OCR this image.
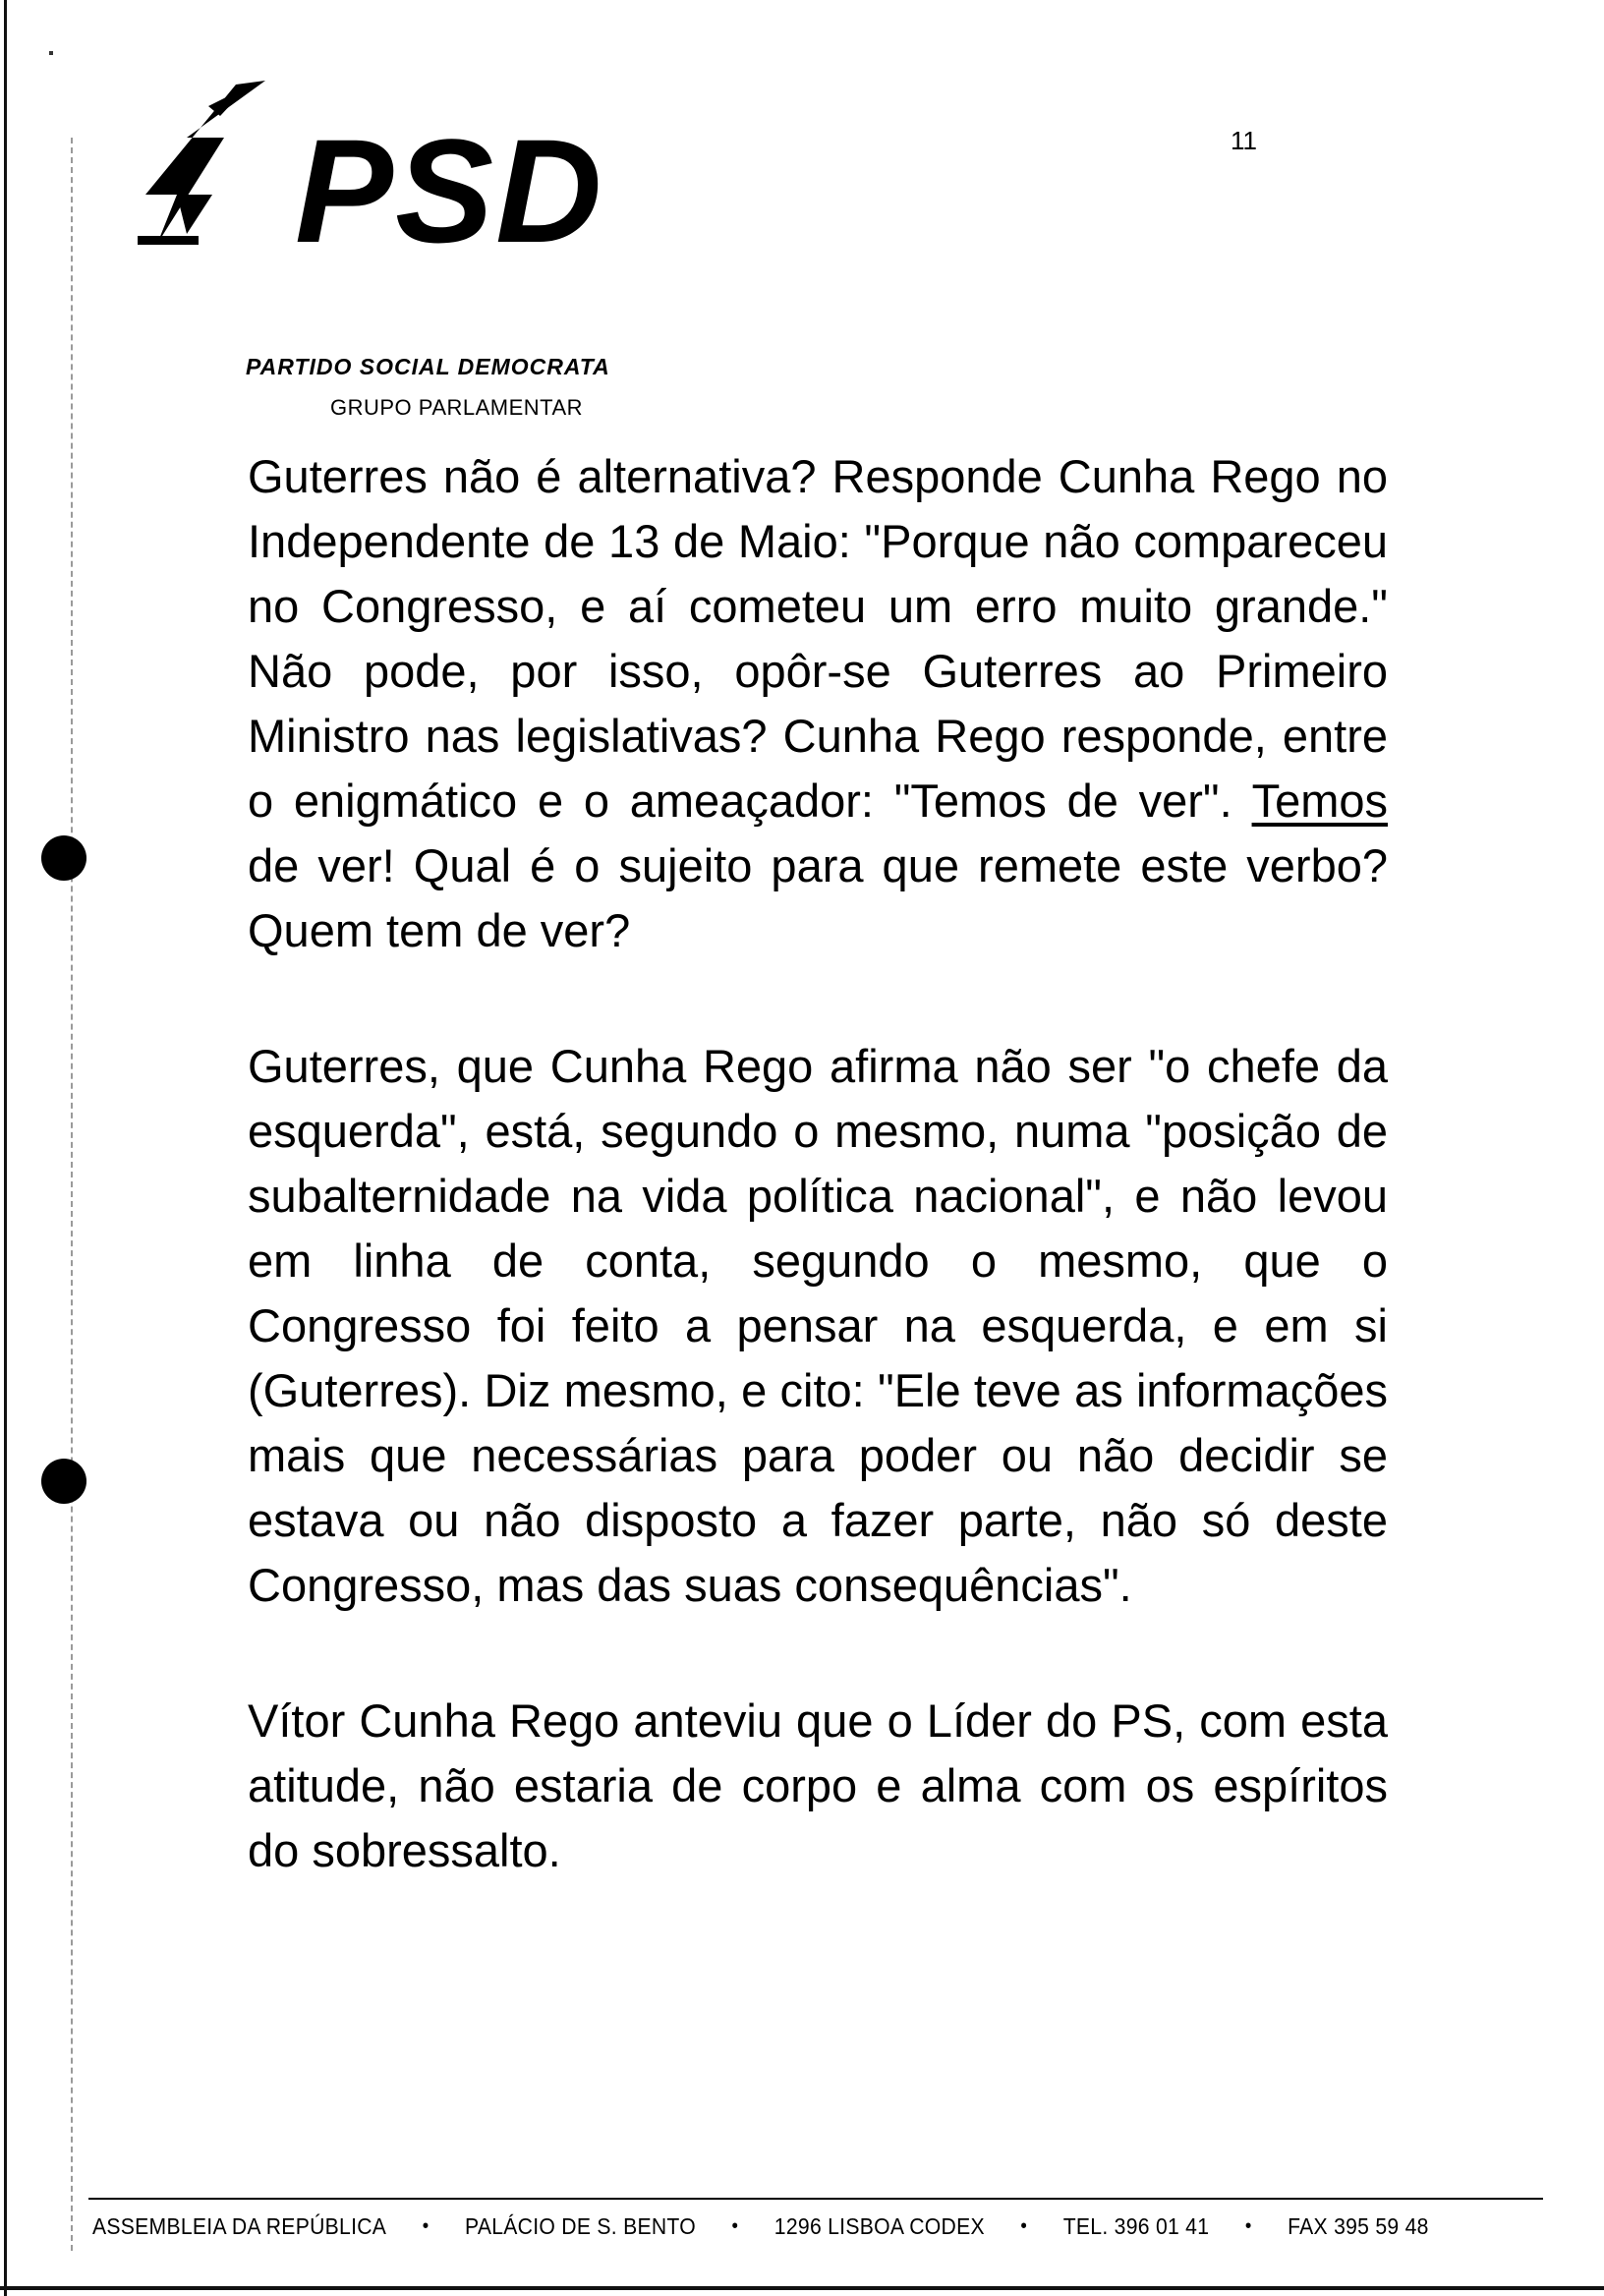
PSD
PARTIDO SOCIAL DEMOCRATA
GRUPO PARLAMENTAR
11

Guterres não é alternativa? Responde Cunha Rego no Independente de 13 de Maio: "Porque não compareceu no Congresso, e aí cometeu um erro muito grande." Não pode, por isso, opôr-se Guterres ao Primeiro Ministro nas legislativas? Cunha Rego responde, entre o enigmático e o ameaçador: "Temos de ver". Temos de ver! Qual é o sujeito para que remete este verbo? Quem tem de ver?

Guterres, que Cunha Rego afirma não ser "o chefe da esquerda", está, segundo o mesmo, numa "posição de subalternidade na vida política nacional", e não levou em linha de conta, segundo o mesmo, que o Congresso foi feito a pensar na esquerda, e em si (Guterres). Diz mesmo, e cito: "Ele teve as informações mais que necessárias para poder ou não decidir se estava ou não disposto a fazer parte, não só deste Congresso, mas das suas consequências".

Vítor Cunha Rego anteviu que o Líder do PS, com esta atitude, não estaria de corpo e alma com os espíritos do sobressalto.

ASSEMBLEIA DA REPÚBLICA • PALÁCIO DE S. BENTO • 1296 LISBOA CODEX • TEL. 396 01 41 • FAX 395 59 48
